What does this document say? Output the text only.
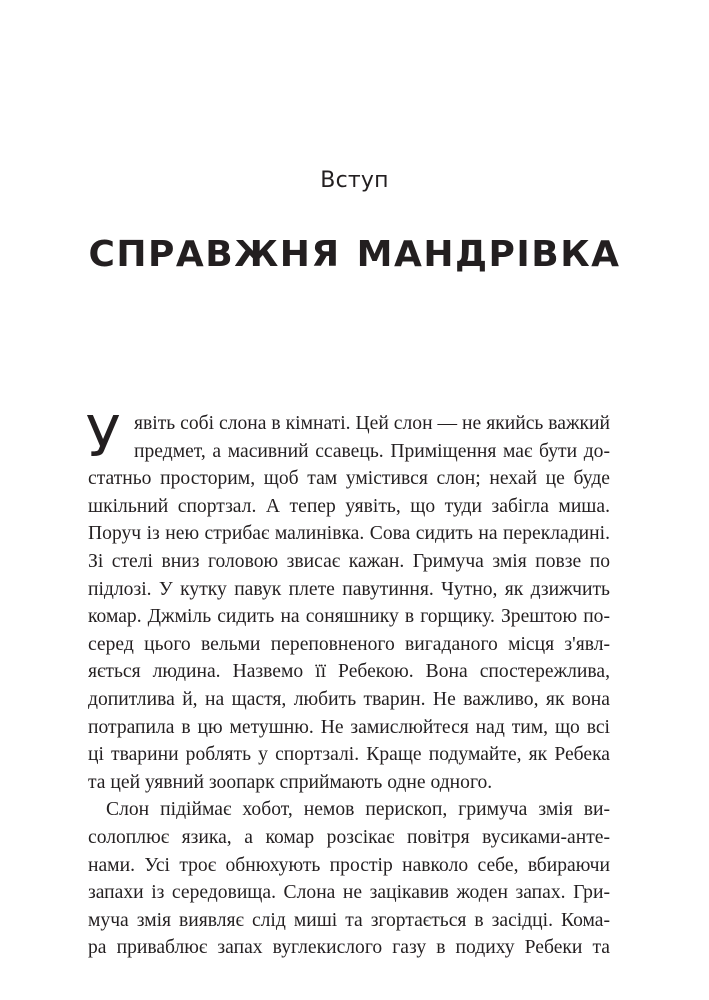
Вступ
СПРАВЖНЯ МАНДРІВКА
У явіть собі слона в кімнаті. Цей слон — не якийсь важкий
предмет, а масивний ссавець. Приміщення має бути до-
статньо просторим, щоб там умістився слон; нехай це буде
шкільний спортзал. А тепер уявіть, що туди забігла миша.
Поруч із нею стрибає малинівка. Сова сидить на перекладині.
Зі стелі вниз головою звисає кажан. Гримуча змія повзе по
підлозі. У кутку павук плете павутиння. Чутно, як дзижчить
комар. Джміль сидить на соняшнику в горщику. Зрештою по-
серед цього вельми переповненого вигаданого місця з'явл-
яється людина. Назвемо її Ребекою. Вона спостережлива,
допитлива й, на щастя, любить тварин. Не важливо, як вона
потрапила в цю метушню. Не замислюйтеся над тим, що всі
ці тварини роблять у спортзалі. Краще подумайте, як Ребека
та цей уявний зоопарк сприймають одне одного.
Слон підіймає хобот, немов перископ, гримуча змія ви-
солоплює язика, а комар розсікає повітря вусиками-анте-
нами. Усі троє обнюхують простір навколо себе, вбираючи
запахи із середовища. Слона не зацікавив жоден запах. Гри-
муча змія виявляє слід миші та згортається в засідці. Кома-
ра приваблює запах вуглекислого газу в подиху Ребеки та
